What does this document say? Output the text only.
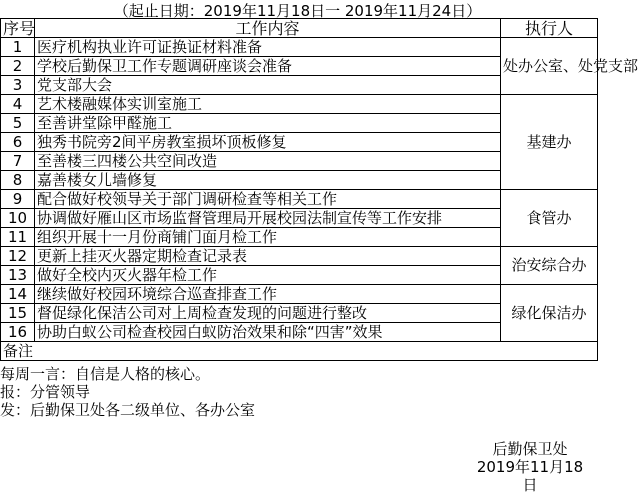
（起止日期：2019年11月18日一 2019年11月24日）
序号	工作内容	执行人
1	医疗机构执业许可证换证材料准备	处办公室、处党支部
2	学校后勤保卫工作专题调研座谈会准备	
3	党支部大会	
4	艺术楼融媒体实训室施工	基建办
5	至善讲堂除甲醛施工	
6	独秀书院旁2间平房教室损坏顶板修复	
7	至善楼三四楼公共空间改造	
8	嘉善楼女儿墙修复	
9	配合做好校领导关于部门调研检查等相关工作	食管办
10	协调做好雁山区市场监督管理局开展校园法制宣传等工作安排	
11	组织开展十一月份商铺门面月检工作	
12	更新上挂灭火器定期检查记录表	治安综合办
13	做好全校内灭火器年检工作	
14	继续做好校园环境综合巡查排查工作	绿化保洁办
15	督促绿化保洁公司对上周检查发现的问题进行整改	
16	协助白蚁公司检查校园白蚁防治效果和除“四害”效果	
备注		
每周一言：自信是人格的核心。
报：分管领导
发：后勤保卫处各二级单位、各办公室
后勤保卫处
2019年11月18日
